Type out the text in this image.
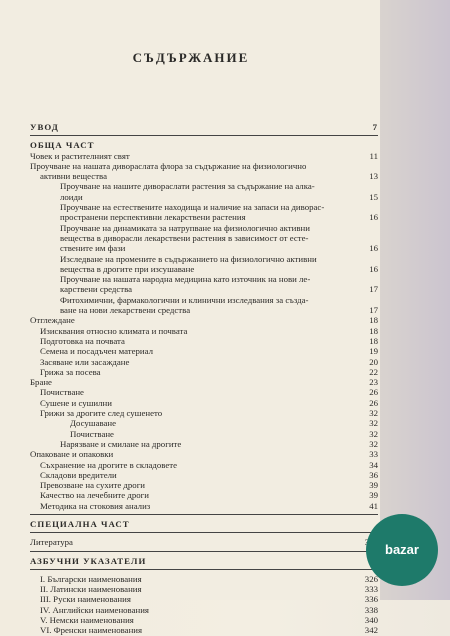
СЪДЪРЖАНИЕ
УВОД	7
ОБЩА ЧАСТ
Човек и растителният свят	11
Проучване на нашата дивораслата флора за съдържание на физиологично
активни вещества	13
Проучване на нашите дивораслати растения за съдържание на алка-
лоиди	15
Проучване на естествените находища и наличие на запаси на диворас-
пространени перспективни лекарствени растения	16
Проучване на динамиката за натрупване на физиологично активни
вещества в диворасли лекарствени растения в зависимост от есте-
ствените им фази	16
Изследване на промените в съдържанието на физиологично активни
вещества в дрогите при изсушаване	16
Проучване на нашата народна медицина като източник на нови ле-
карствени средства	17
Фитохимични, фармакологични и клинични изследвания за създа-
ване на нови лекарствени средства	17
Отглеждане	18
Изисквания относно климата и почвата	18
Подготовка на почвата	18
Семена и посадъчен материал	19
Засяване или засаждане	20
Грижа за посева	22
Бране	23
Почистване	26
Сушене и сушилни	26
Грижи за дрогите след сушенето	32
Досушаване	32
Почистване	32
Нарязване и смилане на дрогите	32
Опаковане и опаковки	33
Съхранение на дрогите в складовете	34
Складови вредители	36
Превозване на сухите дроги	39
Качество на лечебните дроги	39
Методика на стоковия анализ	41
СПЕЦИАЛНА ЧАСТ
Литература
АЗБУЧНИ УКАЗАТЕЛИ
I. Български наименования	326
II. Латински наименования	333
III. Руски наименования	336
IV. Английски наименования	338
V. Немски наименования	340
VI. Френски наименования	342
bazar
